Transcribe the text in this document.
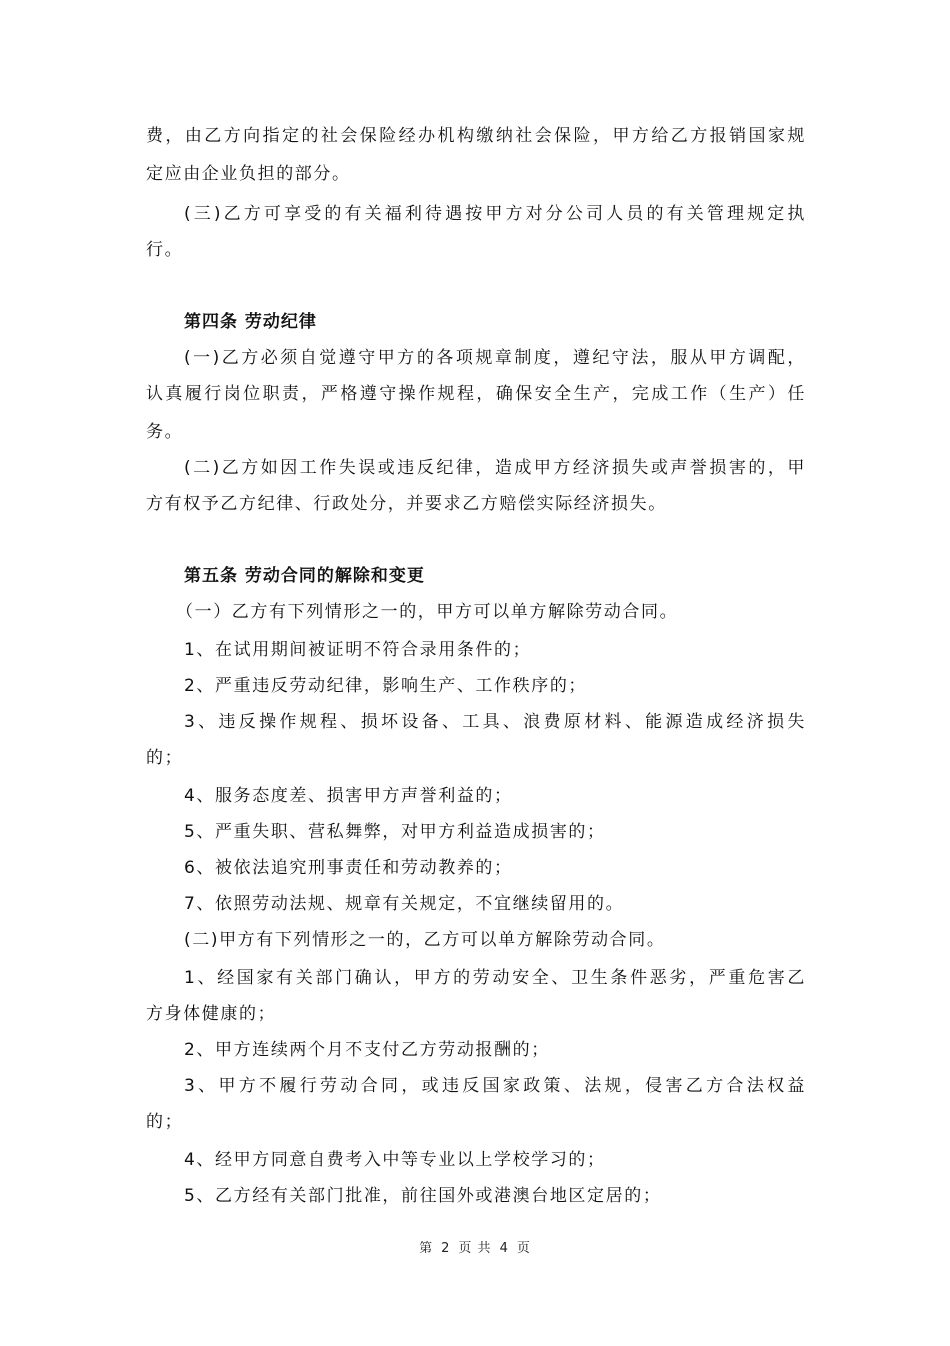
费，由乙方向指定的社会保险经办机构缴纳社会保险，甲方给乙方报销国家规
定应由企业负担的部分。
(三)乙方可享受的有关福利待遇按甲方对分公司人员的有关管理规定执
行。
第四条 劳动纪律
(一)乙方必须自觉遵守甲方的各项规章制度，遵纪守法，服从甲方调配，
认真履行岗位职责，严格遵守操作规程，确保安全生产，完成工作（生产）任
务。
(二)乙方如因工作失误或违反纪律，造成甲方经济损失或声誉损害的，甲
方有权予乙方纪律、行政处分，并要求乙方赔偿实际经济损失。
第五条 劳动合同的解除和变更
（一）乙方有下列情形之一的，甲方可以单方解除劳动合同。
1、在试用期间被证明不符合录用条件的；
2、严重违反劳动纪律，影响生产、工作秩序的；
3、违反操作规程、损坏设备、工具、浪费原材料、能源造成经济损失
的；
4、服务态度差、损害甲方声誉利益的；
5、严重失职、营私舞弊，对甲方利益造成损害的；
6、被依法追究刑事责任和劳动教养的；
7、依照劳动法规、规章有关规定，不宜继续留用的。
(二)甲方有下列情形之一的，乙方可以单方解除劳动合同。
1、经国家有关部门确认，甲方的劳动安全、卫生条件恶劣，严重危害乙
方身体健康的；
2、甲方连续两个月不支付乙方劳动报酬的；
3、甲方不履行劳动合同，或违反国家政策、法规，侵害乙方合法权益
的；
4、经甲方同意自费考入中等专业以上学校学习的；
5、乙方经有关部门批准，前往国外或港澳台地区定居的；
第 2 页 共 4 页
